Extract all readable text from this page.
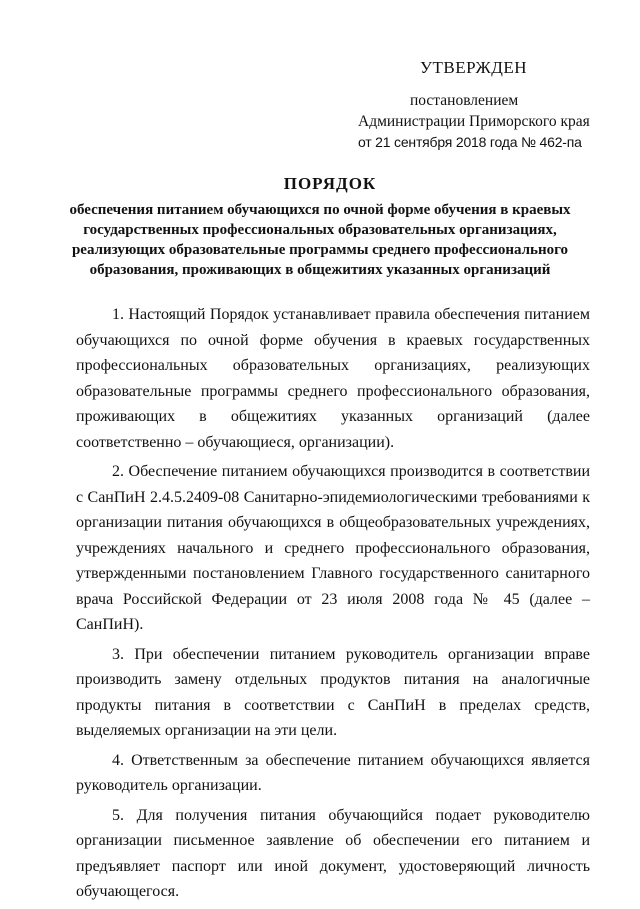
УТВЕРЖДЕН
постановлением
Администрации Приморского края
от 21 сентября 2018 года № 462-па
ПОРЯДОК
обеспечения питанием обучающихся по очной форме обучения в краевых государственных профессиональных образовательных организациях, реализующих образовательные программы среднего профессионального образования, проживающих в общежитиях указанных организаций

1. Настоящий Порядок устанавливает правила обеспечения питанием обучающихся по очной форме обучения в краевых государственных профессиональных образовательных организациях, реализующих образовательные программы среднего профессионального образования, проживающих в общежитиях указанных организаций (далее соответственно – обучающиеся, организации).

2. Обеспечение питанием обучающихся производится в соответствии с СанПиН 2.4.5.2409-08 Санитарно-эпидемиологическими требованиями к организации питания обучающихся в общеобразовательных учреждениях, учреждениях начального и среднего профессионального образования, утвержденными постановлением Главного государственного санитарного врача Российской Федерации от 23 июля 2008 года № 45 (далее – СанПиН).

3. При обеспечении питанием руководитель организации вправе производить замену отдельных продуктов питания на аналогичные продукты питания в соответствии с СанПиН в пределах средств, выделяемых организации на эти цели.

4. Ответственным за обеспечение питанием обучающихся является руководитель организации.

5. Для получения питания обучающийся подает руководителю организации письменное заявление об обеспечении его питанием и предъявляет паспорт или иной документ, удостоверяющий личность обучающегося.
